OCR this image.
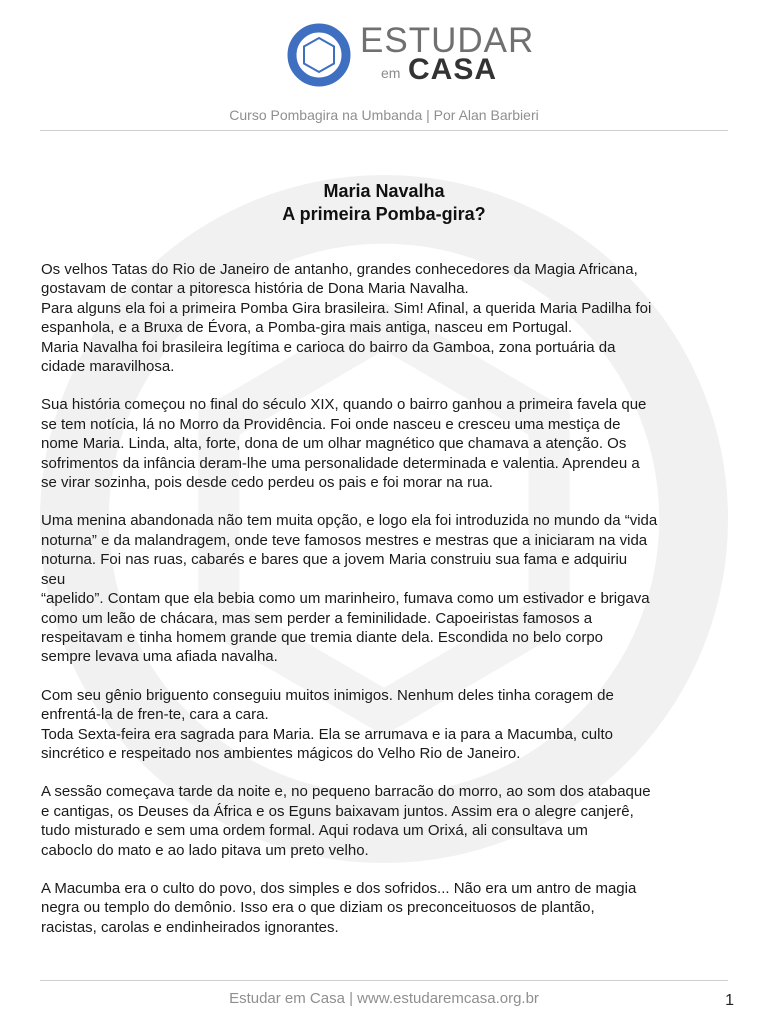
ESTUDAR
em CASA
Curso Pombagira na Umbanda | Por Alan Barbieri
Maria Navalha
A primeira Pomba-gira?

Os velhos Tatas do Rio de Janeiro de antanho, grandes conhecedores da Magia Africana,
gostavam de contar a pitoresca história de Dona Maria Navalha.
Para alguns ela foi a primeira Pomba Gira brasileira. Sim! Afinal, a querida Maria Padilha foi
espanhola, e a Bruxa de Évora, a Pomba-gira mais antiga, nasceu em Portugal.
Maria Navalha foi brasileira legítima e carioca do bairro da Gamboa, zona portuária da
cidade maravilhosa.

Sua história começou no final do século XIX, quando o bairro ganhou a primeira favela que
se tem notícia, lá no Morro da Providência. Foi onde nasceu e cresceu uma mestiça de
nome Maria. Linda, alta, forte, dona de um olhar magnético que chamava a atenção. Os
sofrimentos da infância deram-lhe uma personalidade determinada e valentia. Aprendeu a
se virar sozinha, pois desde cedo perdeu os pais e foi morar na rua.

Uma menina abandonada não tem muita opção, e logo ela foi introduzida no mundo da “vida
noturna” e da malandragem, onde teve famosos mestres e mestras que a iniciaram na vida
noturna. Foi nas ruas, cabarés e bares que a jovem Maria construiu sua fama e adquiriu
seu
“apelido”. Contam que ela bebia como um marinheiro, fumava como um estivador e brigava
como um leão de chácara, mas sem perder a feminilidade. Capoeiristas famosos a
respeitavam e tinha homem grande que tremia diante dela. Escondida no belo corpo
sempre levava uma afiada navalha.

Com seu gênio briguento conseguiu muitos inimigos. Nenhum deles tinha coragem de
enfrentá-la de fren-te, cara a cara.
Toda Sexta-feira era sagrada para Maria. Ela se arrumava e ia para a Macumba, culto
sincrético e respeitado nos ambientes mágicos do Velho Rio de Janeiro.

A sessão começava tarde da noite e, no pequeno barracão do morro, ao som dos atabaque
e cantigas, os Deuses da África e os Eguns baixavam juntos. Assim era o alegre canjerê,
tudo misturado e sem uma ordem formal. Aqui rodava um Orixá, ali consultava um
caboclo do mato e ao lado pitava um preto velho.

A Macumba era o culto do povo, dos simples e dos sofridos... Não era um antro de magia
negra ou templo do demônio. Isso era o que diziam os preconceituosos de plantão,
racistas, carolas e endinheirados ignorantes.

Estudar em Casa | www.estudaremcasa.org.br	1
